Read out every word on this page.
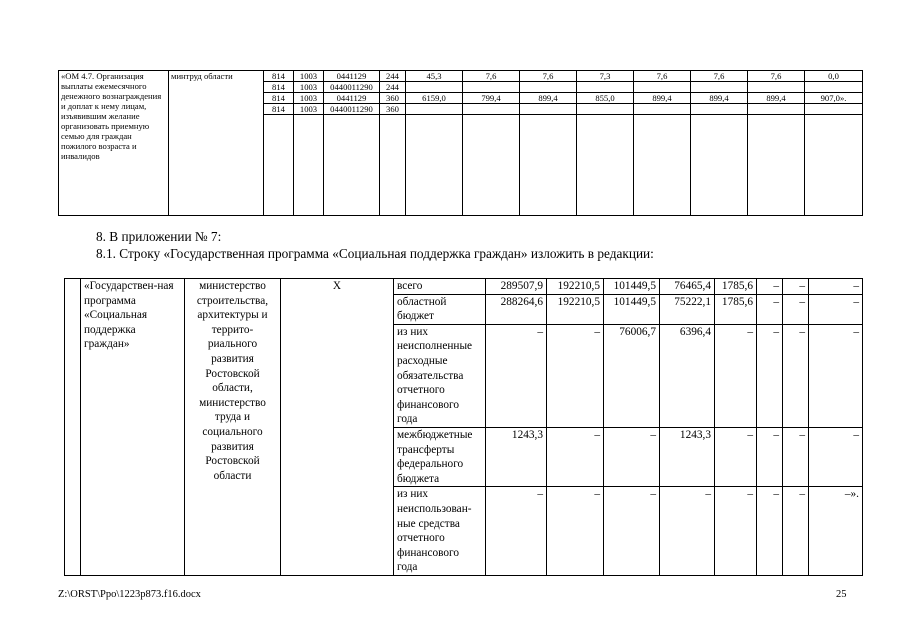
«ОМ 4.7. Организация выплаты ежемесячного денежного вознаграждения и доплат к нему лицам, изъявившим желание организовать приемную семью для граждан пожилого возраста и инвалидов	минтруд области	814	1003	0441129	244	45,3	7,6	7,6	7,3	7,6	7,6	7,6	0,0
		814	1003	0440011290	244								
		814	1003	0441129	360	6159,0	799,4	899,4	855,0	899,4	899,4	899,4	907,0».
		814	1003	0440011290	360								

8. В приложении № 7:
8.1. Строку «Государственная программа «Социальная поддержка граждан» изложить в редакции:
	«Государствен-ная программа «Социальная поддержка граждан»	министерство строительства, архитектуры и террито-риального развития Ростовской области, министерство труда и социального развития Ростовской области	Х	всего	289507,9	192210,5	101449,5	76465,4	1785,6	–	–	–
				областной бюджет	288264,6	192210,5	101449,5	75222,1	1785,6	–	–	–
				из них неисполненные расходные обязательства отчетного финансового года	–	–	76006,7	6396,4	–	–	–	–
				межбюджетные трансферты федерального бюджета	1243,3	–	–	1243,3	–	–	–	–
				из них неиспользован-ные средства отчетного финансового года	–	–	–	–	–	–	–	–».
Z:\ORST\Ppo\1223p873.f16.docx	25
